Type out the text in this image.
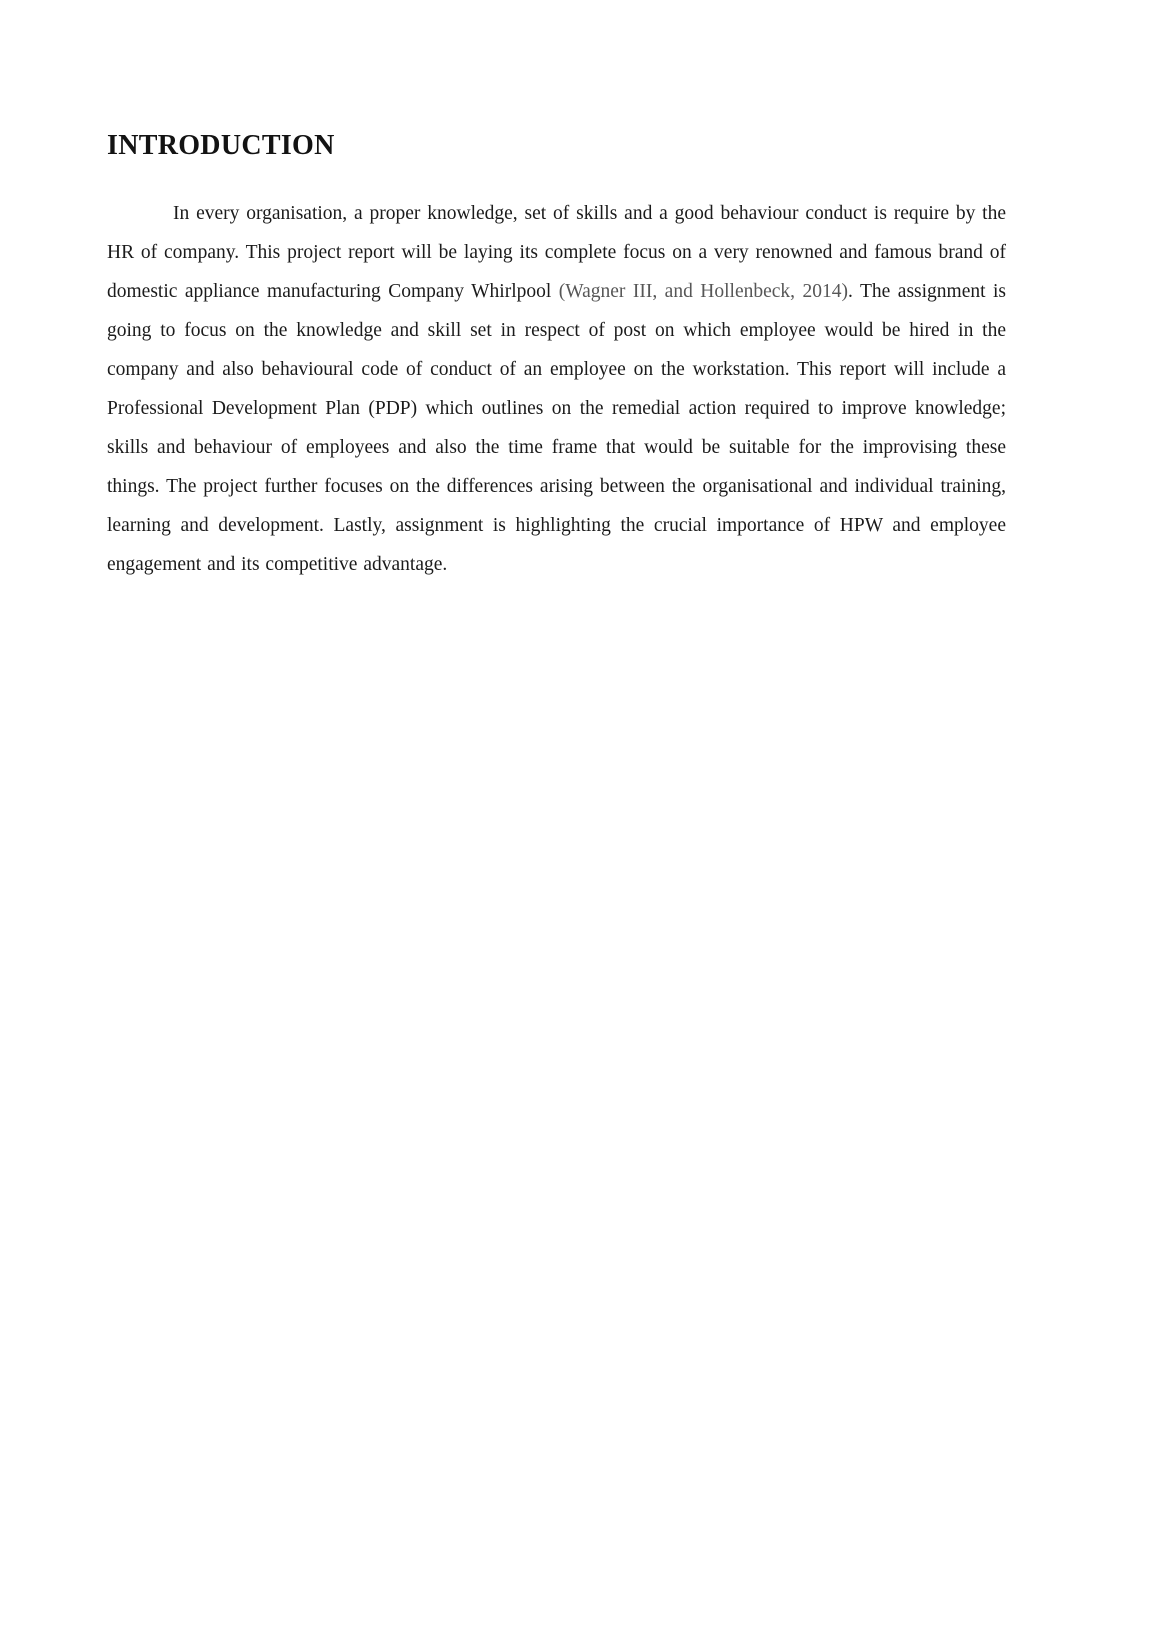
INTRODUCTION

In every organisation, a proper knowledge, set of skills and a good behaviour conduct is require by the HR of company. This project report will be laying its complete focus on a very renowned and famous brand of domestic appliance manufacturing Company Whirlpool (Wagner III, and Hollenbeck, 2014). The assignment is going to focus on the knowledge and skill set in respect of post on which employee would be hired in the company and also behavioural code of conduct of an employee on the workstation. This report will include a Professional Development Plan (PDP) which outlines on the remedial action required to improve knowledge; skills and behaviour of employees and also the time frame that would be suitable for the improvising these things. The project further focuses on the differences arising between the organisational and individual training, learning and development. Lastly, assignment is highlighting the crucial importance of HPW and employee engagement and its competitive advantage.
